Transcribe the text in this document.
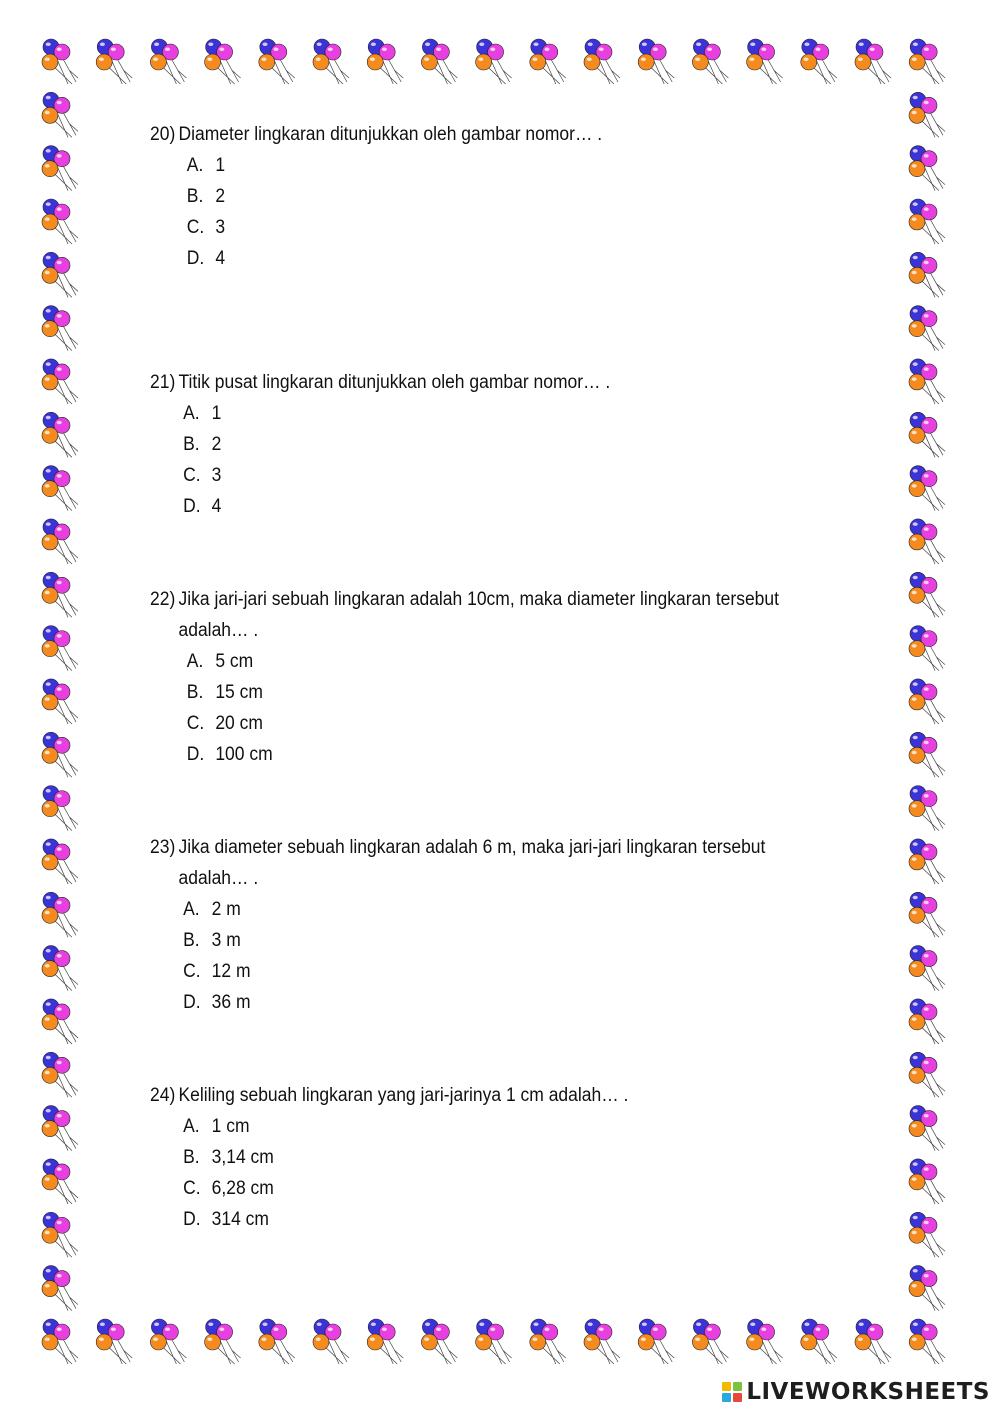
20) Diameter lingkaran ditunjukkan oleh gambar nomor… .
A. 1
B. 2
C. 3
D. 4
21) Titik pusat lingkaran ditunjukkan oleh gambar nomor… .
A. 1
B. 2
C. 3
D. 4
22) Jika jari-jari sebuah lingkaran adalah 10cm, maka diameter lingkaran tersebut adalah… .
A. 5 cm
B. 15 cm
C. 20 cm
D. 100 cm
23) Jika diameter sebuah lingkaran adalah 6 m, maka jari-jari lingkaran tersebut adalah… .
A. 2 m
B. 3 m
C. 12 m
D. 36 m
24) Keliling sebuah lingkaran yang jari-jarinya 1 cm adalah… .
A. 1 cm
B. 3,14 cm
C. 6,28 cm
D. 314 cm
LIVEWORKSHEETS
